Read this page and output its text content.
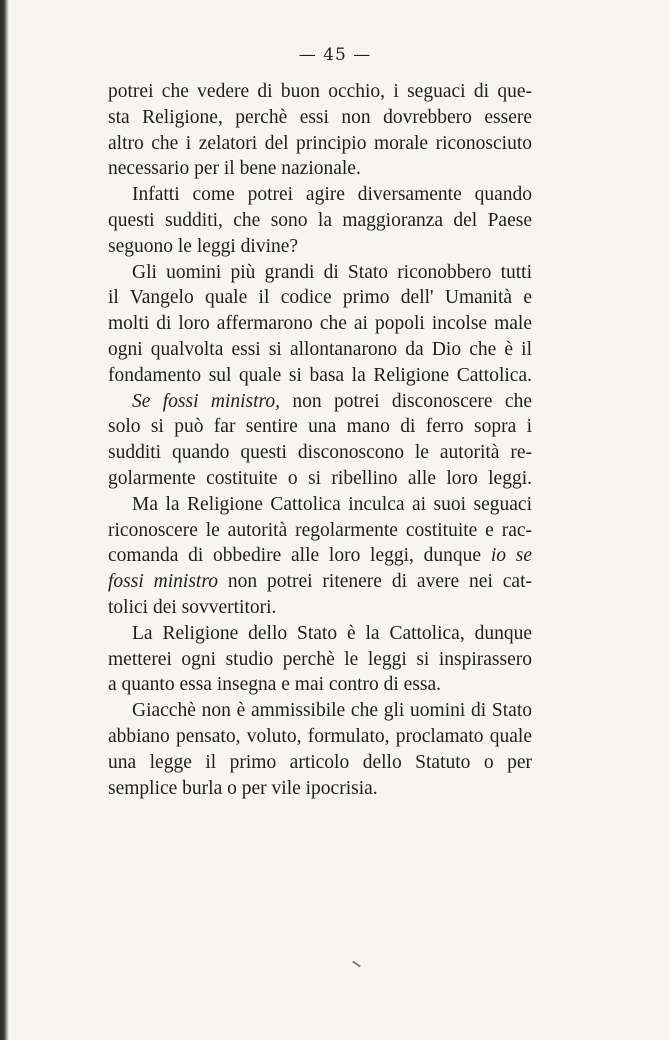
— 45 —
potrei che vedere di buon occhio, i seguaci di que-
sta Religione, perchè essi non dovrebbero essere
altro che i zelatori del principio morale riconosciuto
necessario per il bene nazionale.
Infatti come potrei agire diversamente quando
questi sudditi, che sono la maggioranza del Paese
seguono le leggi divine?
Gli uomini più grandi di Stato riconobbero tutti
il Vangelo quale il codice primo dell' Umanità e
molti di loro affermarono che ai popoli incolse male
ogni qualvolta essi si allontanarono da Dio che è il
fondamento sul quale si basa la Religione Cattolica.
Se fossi ministro, non potrei disconoscere che
solo si può far sentire una mano di ferro sopra i
sudditi quando questi disconoscono le autorità re-
golarmente costituite o si ribellino alle loro leggi.
Ma la Religione Cattolica inculca ai suoi seguaci
riconoscere le autorità regolarmente costituite e rac-
comanda di obbedire alle loro leggi, dunque io se
fossi ministro non potrei ritenere di avere nei cat-
tolici dei sovvertitori.
La Religione dello Stato è la Cattolica, dunque
metterei ogni studio perchè le leggi si inspirassero
a quanto essa insegna e mai contro di essa.
Giacchè non è ammissibile che gli uomini di Stato
abbiano pensato, voluto, formulato, proclamato quale
una legge il primo articolo dello Statuto o per
semplice burla o per vile ipocrisia.
